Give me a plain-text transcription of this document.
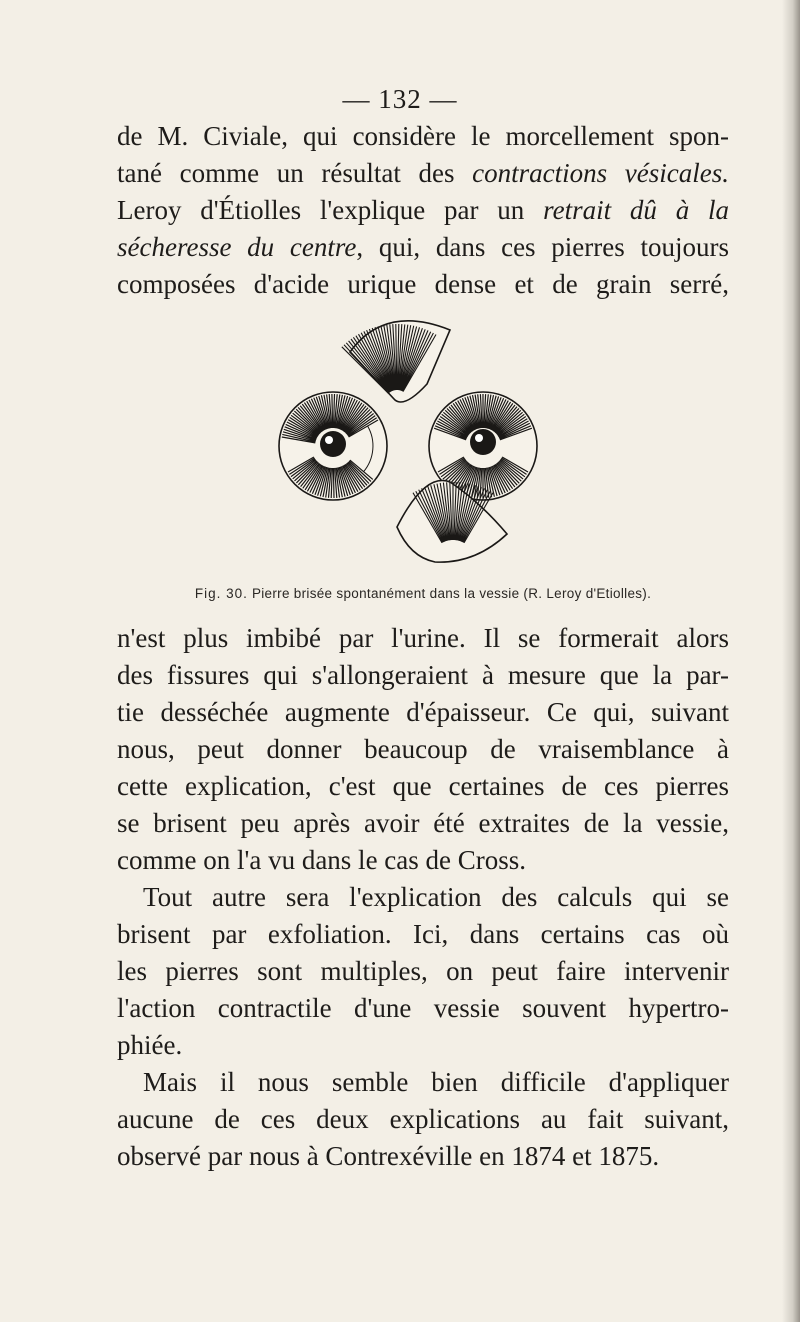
— 132 —
de M. Civiale, qui considère le morcellement spon-
tané comme un résultat des contractions vésicales.
Leroy d'Étiolles l'explique par un retrait dû à la
sécheresse du centre, qui, dans ces pierres toujours
composées d'acide urique dense et de grain serré,
Fig. 30. Pierre brisée spontanément dans la vessie (R. Leroy d'Etiolles).
n'est plus imbibé par l'urine. Il se formerait alors
des fissures qui s'allongeraient à mesure que la par-
tie desséchée augmente d'épaisseur. Ce qui, suivant
nous, peut donner beaucoup de vraisemblance à
cette explication, c'est que certaines de ces pierres
se brisent peu après avoir été extraites de la vessie,
comme on l'a vu dans le cas de Cross.
Tout autre sera l'explication des calculs qui se
brisent par exfoliation. Ici, dans certains cas où
les pierres sont multiples, on peut faire intervenir
l'action contractile d'une vessie souvent hypertro-
phiée.
Mais il nous semble bien difficile d'appliquer
aucune de ces deux explications au fait suivant,
observé par nous à Contrexéville en 1874 et 1875.
